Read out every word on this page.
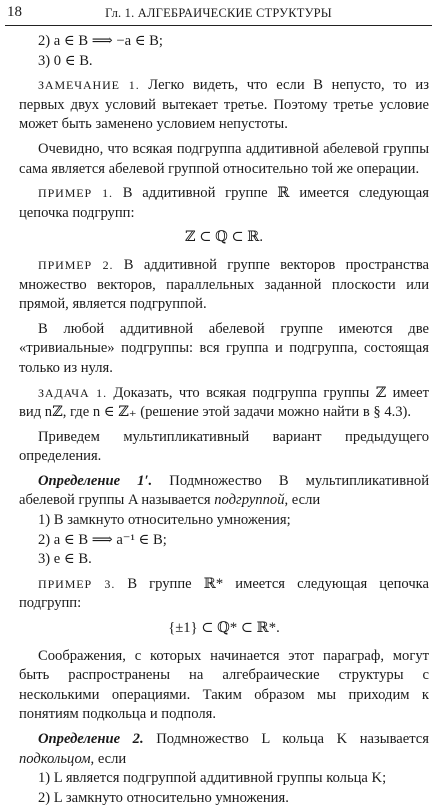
18	Гл. 1. АЛГЕБРАИЧЕСКИЕ СТРУКТУРЫ

2) a ∈ B ⟹ −a ∈ B;

3) 0 ∈ B.

ЗАМЕЧАНИЕ 1. Легко видеть, что если B непусто, то из первых двух условий вытекает третье. Поэтому третье условие может быть заменено условием непустоты.

Очевидно, что всякая подгруппа аддитивной абелевой группы сама является абелевой группой относительно той же операции.

ПРИМЕР 1. В аддитивной группе ℝ имеется следующая цепочка подгрупп:

ℤ ⊂ ℚ ⊂ ℝ.

ПРИМЕР 2. В аддитивной группе векторов пространства множество векторов, параллельных заданной плоскости или прямой, является подгруппой.

В любой аддитивной абелевой группе имеются две «тривиальные» подгруппы: вся группа и подгруппа, состоящая только из нуля.

ЗАДАЧА 1. Доказать, что всякая подгруппа группы ℤ имеет вид nℤ, где n ∈ ℤ₊ (решение этой задачи можно найти в § 4.3).

Приведем мультипликативный вариант предыдущего определения.

Определение 1′. Подмножество B мультипликативной абелевой группы A называется подгруппой, если

1) B замкнуто относительно умножения;

2) a ∈ B ⟹ a⁻¹ ∈ B;

3) e ∈ B.

ПРИМЕР 3. В группе ℝ* имеется следующая цепочка подгрупп:

{±1} ⊂ ℚ* ⊂ ℝ*.

Соображения, с которых начинается этот параграф, могут быть распространены на алгебраические структуры с несколькими операциями. Таким образом мы приходим к понятиям подкольца и подполя.

Определение 2. Подмножество L кольца K называется подкольцом, если

1) L является подгруппой аддитивной группы кольца K;

2) L замкнуто относительно умножения.
